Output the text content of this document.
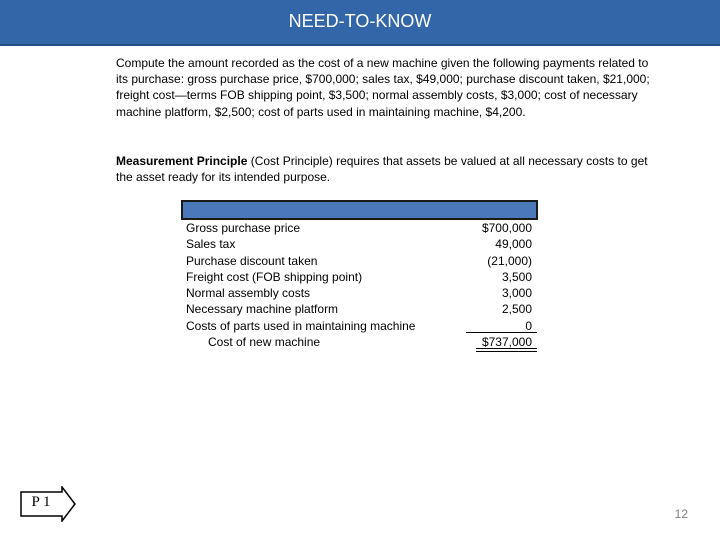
NEED-TO-KNOW
Compute the amount recorded as the cost of a new machine given the following payments related to its purchase: gross purchase price, $700,000; sales tax, $49,000; purchase discount taken, $21,000; freight cost—terms FOB shipping point, $3,500; normal assembly costs, $3,000; cost of necessary machine platform, $2,500; cost of parts used in maintaining machine, $4,200.
Measurement Principle (Cost Principle) requires that assets be valued at all necessary costs to get the asset ready for its intended purpose.
Gross purchase price	$700,000
Sales tax	49,000
Purchase discount taken	(21,000)
Freight cost (FOB shipping point)	3,500
Normal assembly costs	3,000
Necessary machine platform	2,500
Costs of parts used in maintaining machine	0
Cost of new machine	$737,000
P 1
12
